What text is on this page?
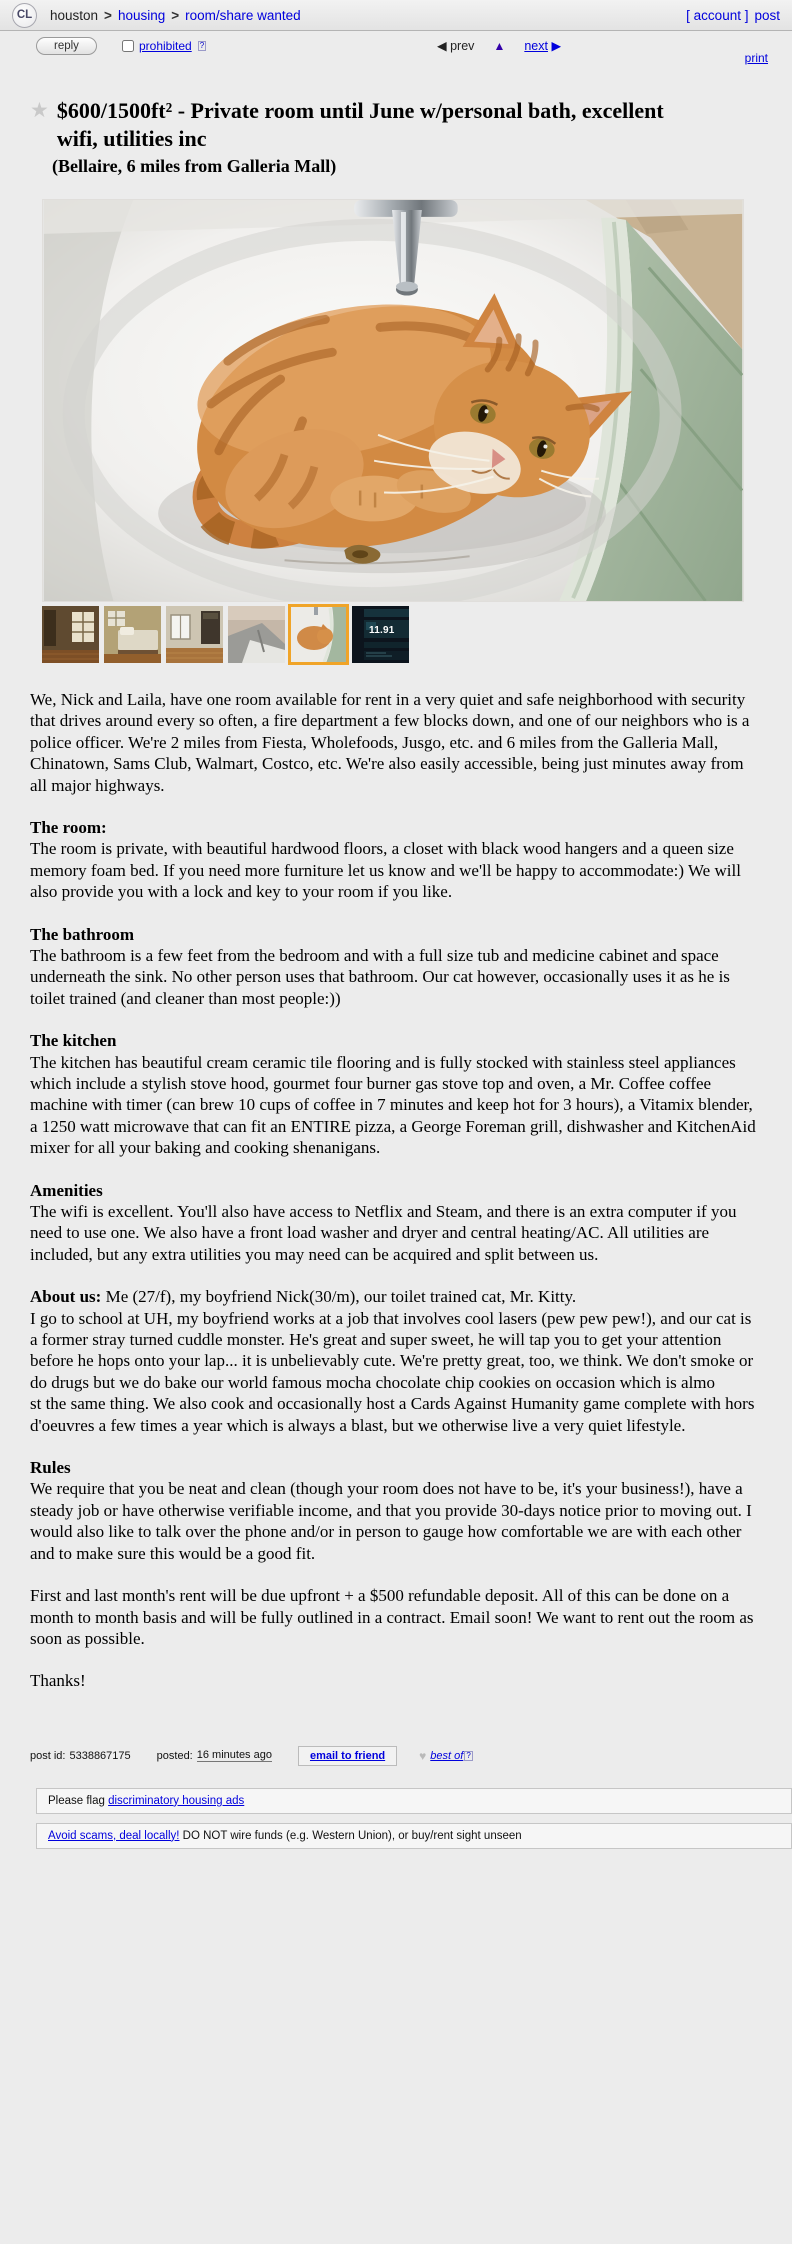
CL	houston > housing > room/share wanted	[ account ] post
reply	prohibited ?	◀ prev ▲ next ▶
print
★ $600/1500ft² - Private room until June w/personal bath, excellent wifi, utilities inc
(Bellaire, 6 miles from Galleria Mall)
11.91
We, Nick and Laila, have one room available for rent in a very quiet and safe neighborhood with security that drives around every so often, a fire department a few blocks down, and one of our neighbors who is a police officer. We're 2 miles from Fiesta, Wholefoods, Jusgo, etc. and 6 miles from the Galleria Mall, Chinatown, Sams Club, Walmart, Costco, etc. We're also easily accessible, being just minutes away from all major highways.
The room:
The room is private, with beautiful hardwood floors, a closet with black wood hangers and a queen size memory foam bed. If you need more furniture let us know and we'll be happy to accommodate:) We will also provide you with a lock and key to your room if you like.
The bathroom
The bathroom is a few feet from the bedroom and with a full size tub and medicine cabinet and space underneath the sink. No other person uses that bathroom. Our cat however, occasionally uses it as he is toilet trained (and cleaner than most people:))
The kitchen
The kitchen has beautiful cream ceramic tile flooring and is fully stocked with stainless steel appliances which include a stylish stove hood, gourmet four burner gas stove top and oven, a Mr. Coffee coffee machine with timer (can brew 10 cups of coffee in 7 minutes and keep hot for 3 hours), a Vitamix blender, a 1250 watt microwave that can fit an ENTIRE pizza, a George Foreman grill, dishwasher and KitchenAid mixer for all your baking and cooking shenanigans.
Amenities
The wifi is excellent. You'll also have access to Netflix and Steam, and there is an extra computer if you need to use one. We also have a front load washer and dryer and central heating/AC. All utilities are included, but any extra utilities you may need can be acquired and split between us.
About us: Me (27/f), my boyfriend Nick(30/m), our toilet trained cat, Mr. Kitty.
I go to school at UH, my boyfriend works at a job that involves cool lasers (pew pew pew!), and our cat is a former stray turned cuddle monster. He's great and super sweet, he will tap you to get your attention before he hops onto your lap... it is unbelievably cute. We're pretty great, too, we think. We don't smoke or do drugs but we do bake our world famous mocha chocolate chip cookies on occasion which is almo
st the same thing. We also cook and occasionally host a Cards Against Humanity game complete with hors d'oeuvres a few times a year which is always a blast, but we otherwise live a very quiet lifestyle.
Rules
We require that you be neat and clean (though your room does not have to be, it's your business!), have a steady job or have otherwise verifiable income, and that you provide 30-days notice prior to moving out. I would also like to talk over the phone and/or in person to gauge how comfortable we are with each other and to make sure this would be a good fit.
First and last month's rent will be due upfront + a $500 refundable deposit. All of this can be done on a month to month basis and will be fully outlined in a contract. Email soon! We want to rent out the room as soon as possible.
Thanks!
post id: 5338867175 posted: 16 minutes ago	email to friend	♥ best of ?
Please flag discriminatory housing ads
Avoid scams, deal locally! DO NOT wire funds (e.g. Western Union), or buy/rent sight unseen
